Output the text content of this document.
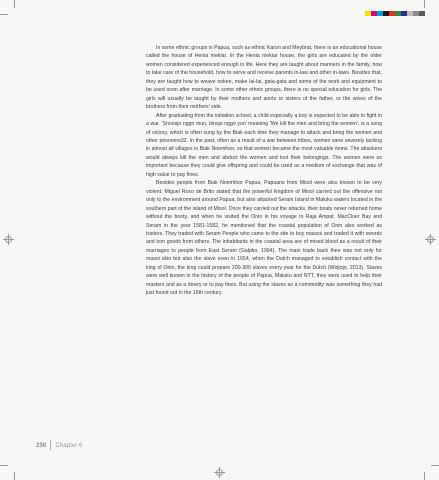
In some ethnic groups in Papua, such as ethnic Karon and Meybrat, there is an educational house called the house of Henia mekiar. In the Henia mekiar house, the girls are educated by the older women considered experienced enough in life. Here they are taught about manners in the family, how to take care of the household, how to serve and receive parents in-law and other in-laws. Besides that, they are taught how to weave noken, make lai-lai, gata-gata and some of the work and equipment to be used soon after marriage. In some other ethnic groups, there is no special education for girls. The girls will usually be taught by their mothers and aunts or sisters of the father, or the wives of the brothers from their mothers' side.

After graduating from the initiation school, a child especially a boy is expected to be able to fight in a war. 'Snonsjo nggo mun, binsjo nggo yun' meaning 'We kill the men and bring the women', is a song of victory, which is often sung by the Biak each time they manage to attack and bring the women and other prisoners32. In the past, often as a result of a war between tribes, women were severely lacking in almost all villages in Biak Noemfoor, so that women became the most valuable items. The attackers would always kill the men and abduct the women and loot their belongings. The women were so important because they could give offspring and could be used as a medium of exchange that was of high value to pay fines.

Besides people from Biak Noemfoor Papua, Papuans from Misol were also known to be very violent. Miguel Roxo de Brito stated that the powerful kingdom of Misol carried out the offensive not only to the environment around Papua, but also attacked Seram Island in Maluku waters located in the southern part of the island of Misol. Once they carried out the attacks, their boats never returned home without the booty, and when he visited the Onin in his voyage to Raja Ampat, MacCluer Bay and Seram in the year 1581-1582, he mentioned that the coastal population of Onin also worked as traders. They traded with Seram People who came to the site to buy massoi and traded it with swords and iron goods from others. The inhabitants in the coastal area are of mixed blood as a result of their marriages to people from East Seram (Galpko, 1994). The main trade back then was not only for masoi skin but also the slave even in 1654, when the Dutch managed to establish contact with the king of Onin, the king could prepare 200-300 slaves every year for the Dutch (Widjojo, 2013). Slaves were well known in the history of the people of Papua, Maluku and NTT, they were used to help their masters and as a dowry or to pay fines. But using the slaves as a commodity was something they had just found out in the 16th century.

250 Chapter 6
